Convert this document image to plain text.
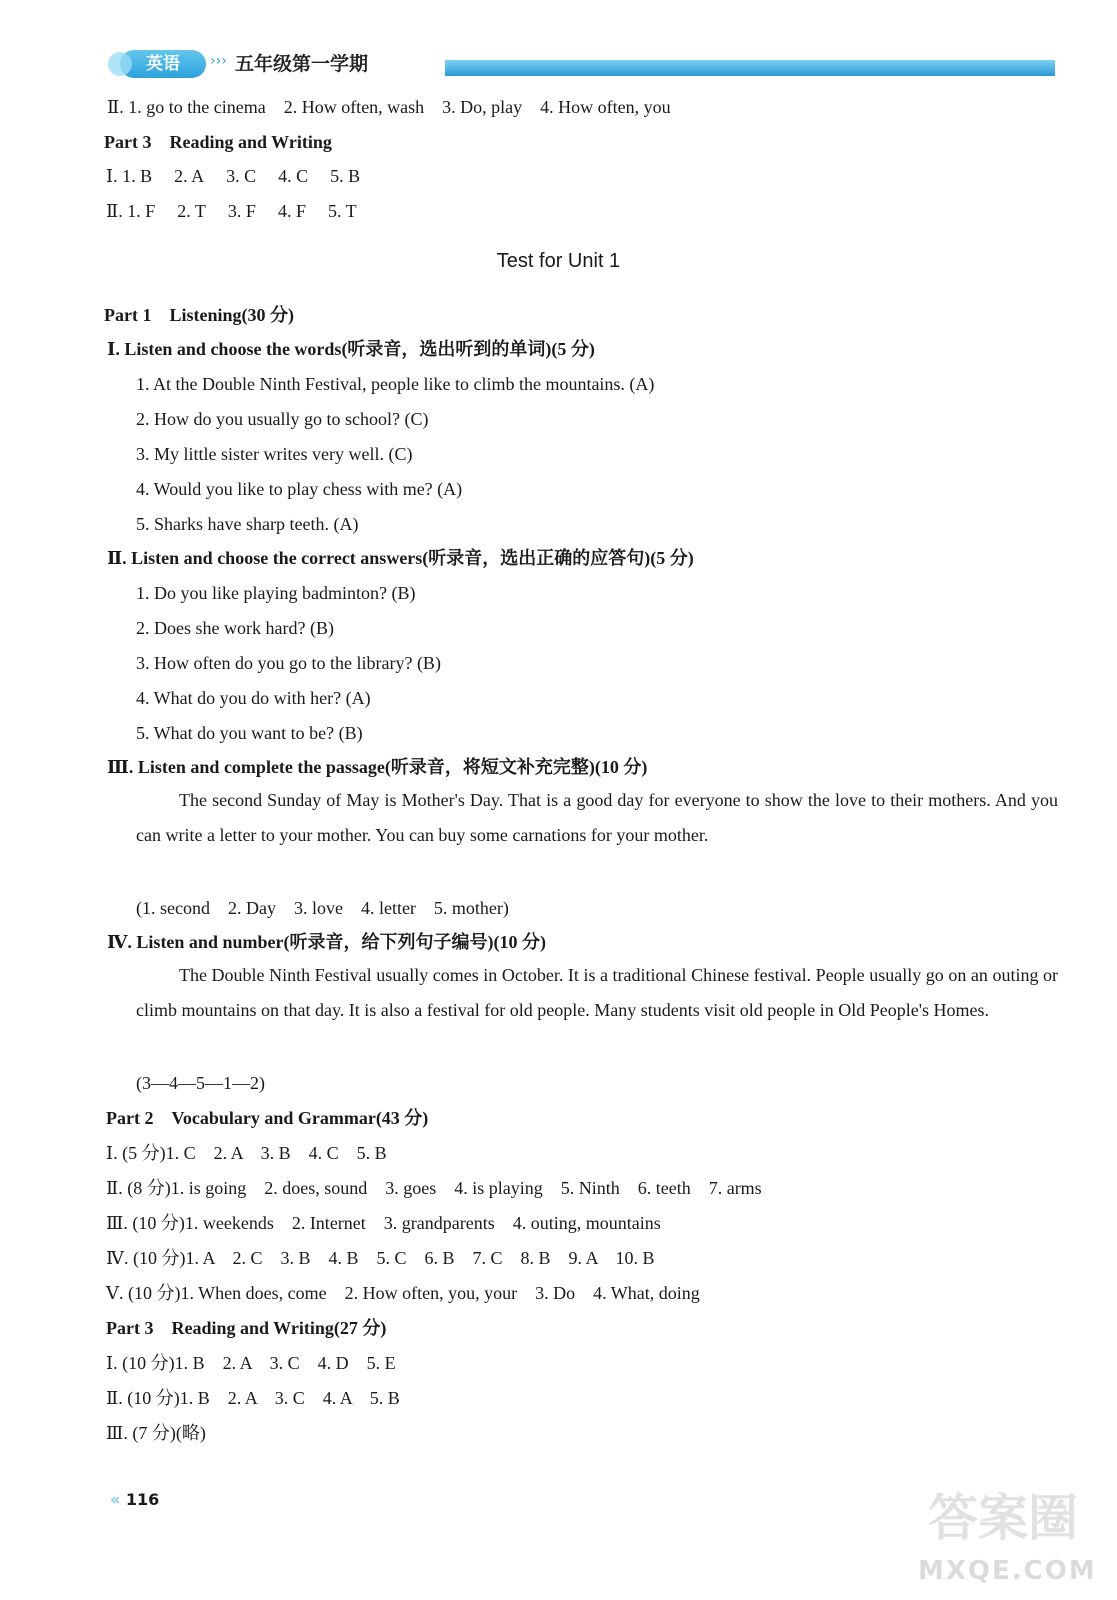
英语	››› 五年级第一学期
Ⅱ. 1. go to the cinema　2. How often, wash　3. Do, play　4. How often, you
Part 3　Reading and Writing
Ⅰ. 1. B 2. A 3. C 4. C 5. B
Ⅱ. 1. F 2. T 3. F 4. F 5. T
Test for Unit 1
Part 1　Listening(30 分)
Ⅰ. Listen and choose the words(听录音，选出听到的单词)(5 分)
1. At the Double Ninth Festival, people like to climb the mountains. (A)
2. How do you usually go to school? (C)
3. My little sister writes very well. (C)
4. Would you like to play chess with me? (A)
5. Sharks have sharp teeth. (A)
Ⅱ. Listen and choose the correct answers(听录音，选出正确的应答句)(5 分)
1. Do you like playing badminton? (B)
2. Does she work hard? (B)
3. How often do you go to the library? (B)
4. What do you do with her? (A)
5. What do you want to be? (B)
Ⅲ. Listen and complete the passage(听录音，将短文补充完整)(10 分)
The second Sunday of May is Mother's Day. That is a good day for everyone to show the love to their mothers. And you can write a letter to your mother. You can buy some carnations for your mother.
(1. second　2. Day　3. love　4. letter　5. mother)
Ⅳ. Listen and number(听录音，给下列句子编号)(10 分)
The Double Ninth Festival usually comes in October. It is a traditional Chinese festival. People usually go on an outing or climb mountains on that day. It is also a festival for old people. Many students visit old people in Old People's Homes.
(3—4—5—1—2)
Part 2　Vocabulary and Grammar(43 分)
Ⅰ. (5 分)1. C　2. A　3. B　4. C　5. B
Ⅱ. (8 分)1. is going　2. does, sound　3. goes　4. is playing　5. Ninth　6. teeth　7. arms
Ⅲ. (10 分)1. weekends　2. Internet　3. grandparents　4. outing, mountains
Ⅳ. (10 分)1. A　2. C　3. B　4. B　5. C　6. B　7. C　8. B　9. A　10. B
Ⅴ. (10 分)1. When does, come　2. How often, you, your　3. Do　4. What, doing
Part 3　Reading and Writing(27 分)
Ⅰ. (10 分)1. B　2. A　3. C　4. D　5. E
Ⅱ. (10 分)1. B　2. A　3. C　4. A　5. B
Ⅲ. (7 分)(略)
« 116	答案圈
MXQE.COM
